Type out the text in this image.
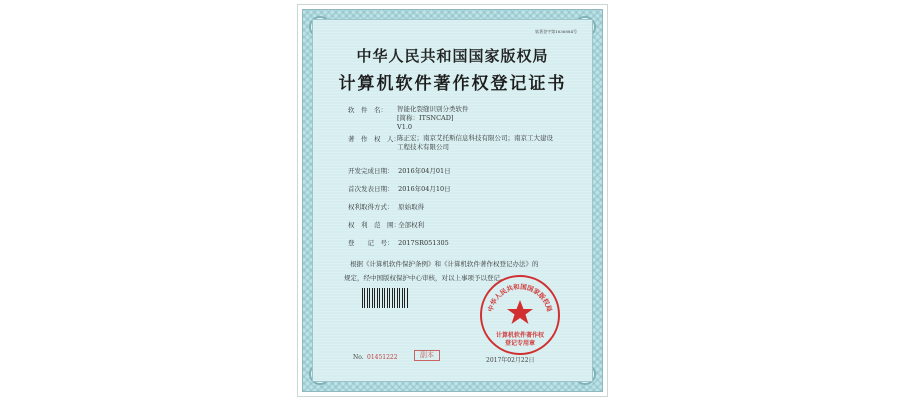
软著登字第1636884号
中华人民共和国国家版权局
计算机软件著作权登记证书
软　件　名：	智能化裂缝识别分类软件
[简称：ITSNCAD]
V1.0
著　作　权　人：
陈正宏；南京艾托斯信息科技有限公司；南京工大建设
工程技术有限公司
开发完成日期： 2016年04月01日
首次发表日期： 2016年04月10日
权利取得方式： 原始取得
权　利　范　围： 全部权利
登　　记　号： 2017SR051305
根据《计算机软件保护条例》和《计算机软件著作权登记办法》的
规定，经中国版权保护中心审核，对以上事项予以登记。
中华人民共和国国家版权局
计算机软件著作权
登记专用章
No. 01451222	副本
2017年02月22日
